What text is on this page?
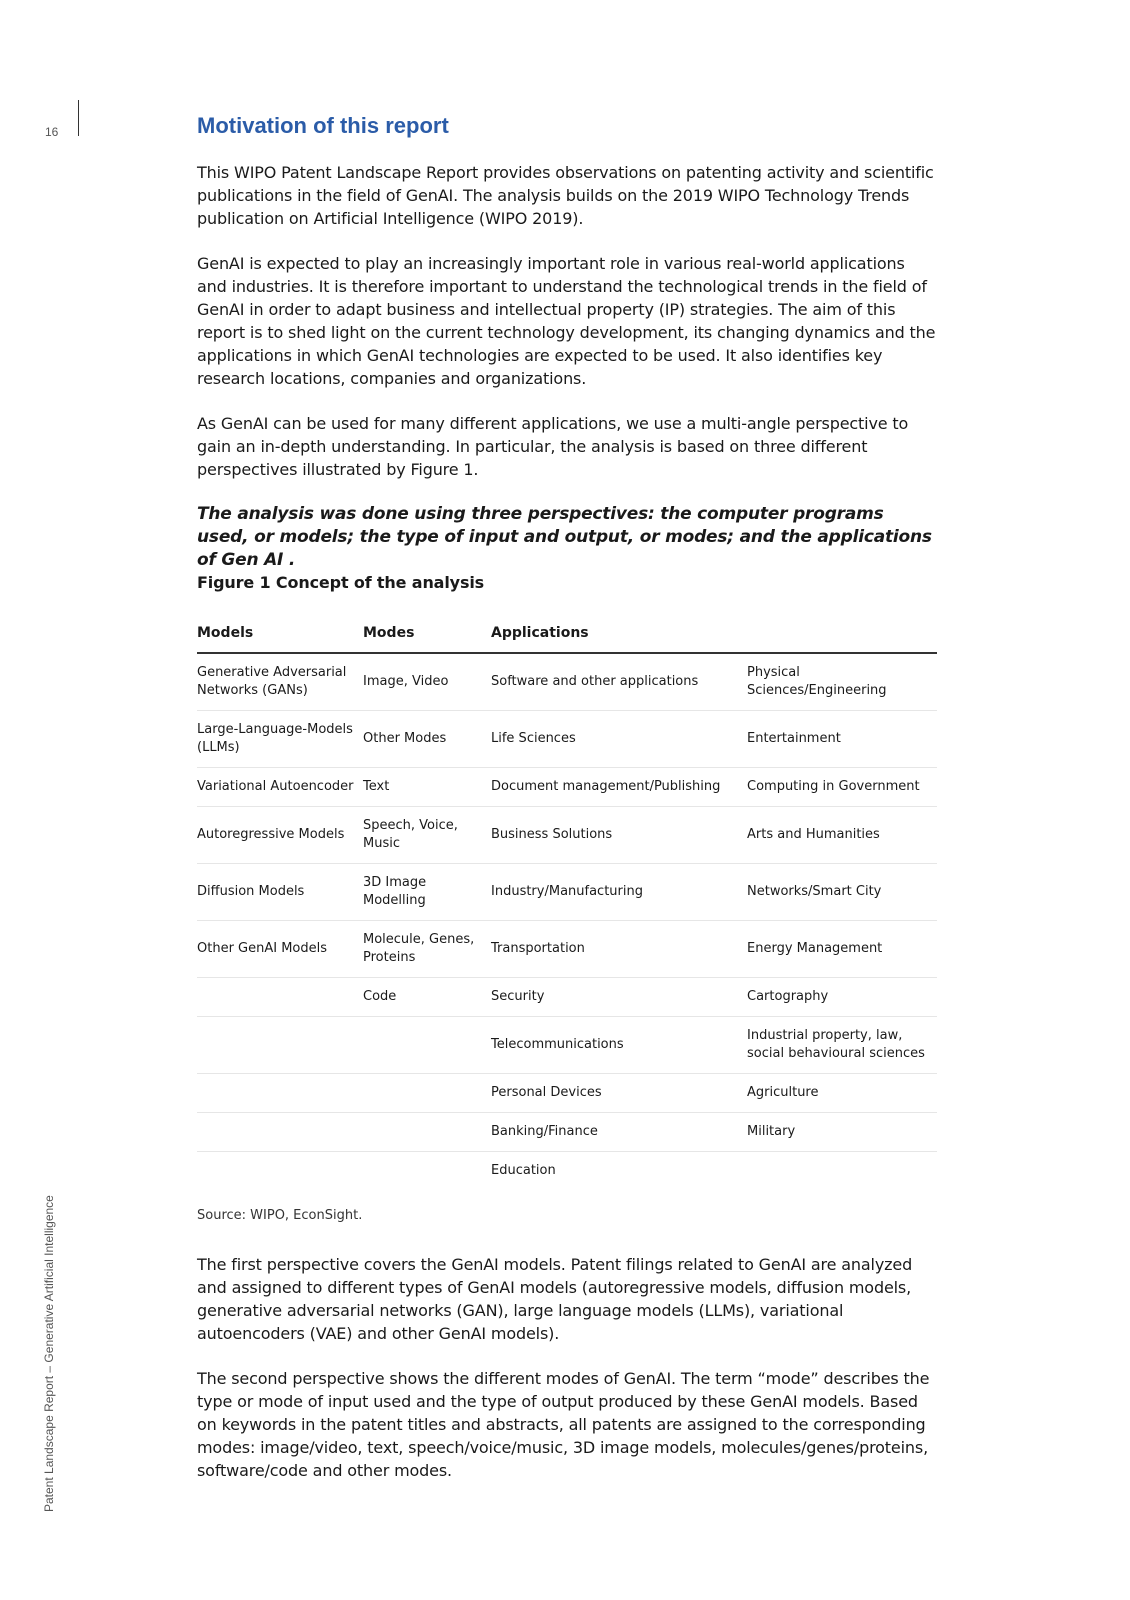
16
Patent Landscape Report – Generative Artificial Intelligence
Motivation of this report

This WIPO Patent Landscape Report provides observations on patenting activity and scientific publications in the field of GenAI. The analysis builds on the 2019 WIPO Technology Trends publication on Artificial Intelligence (WIPO 2019).

GenAI is expected to play an increasingly important role in various real-world applications and industries. It is therefore important to understand the technological trends in the field of GenAI in order to adapt business and intellectual property (IP) strategies. The aim of this report is to shed light on the current technology development, its changing dynamics and the applications in which GenAI technologies are expected to be used. It also identifies key research locations, companies and organizations.

As GenAI can be used for many different applications, we use a multi-angle perspective to gain an in-depth understanding. In particular, the analysis is based on three different perspectives illustrated by Figure 1.

The analysis was done using three perspectives: the computer programs used, or models; the type of input and output, or modes; and the applications of Gen AI .

Figure 1 Concept of the analysis

Models	Modes	Applications	
Generative Adversarial Networks (GANs)	Image, Video	Software and other applications	Physical Sciences/Engineering
Large-Language-Models (LLMs)	Other Modes	Life Sciences	Entertainment
Variational Autoencoder	Text	Document management/Publishing	Computing in Government
Autoregressive Models	Speech, Voice, Music	Business Solutions	Arts and Humanities
Diffusion Models	3D Image Modelling	Industry/Manufacturing	Networks/Smart City
Other GenAI Models	Molecule, Genes, Proteins	Transportation	Energy Management
	Code	Security	Cartography
		Telecommunications	Industrial property, law, social behavioural sciences
		Personal Devices	Agriculture
		Banking/Finance	Military
		Education	
Source: WIPO, EconSight.

The first perspective covers the GenAI models. Patent filings related to GenAI are analyzed and assigned to different types of GenAI models (autoregressive models, diffusion models, generative adversarial networks (GAN), large language models (LLMs), variational autoencoders (VAE) and other GenAI models).

The second perspective shows the different modes of GenAI. The term “mode” describes the type or mode of input used and the type of output produced by these GenAI models. Based on keywords in the patent titles and abstracts, all patents are assigned to the corresponding modes: image/video, text, speech/voice/music, 3D image models, molecules/genes/proteins, software/code and other modes.
